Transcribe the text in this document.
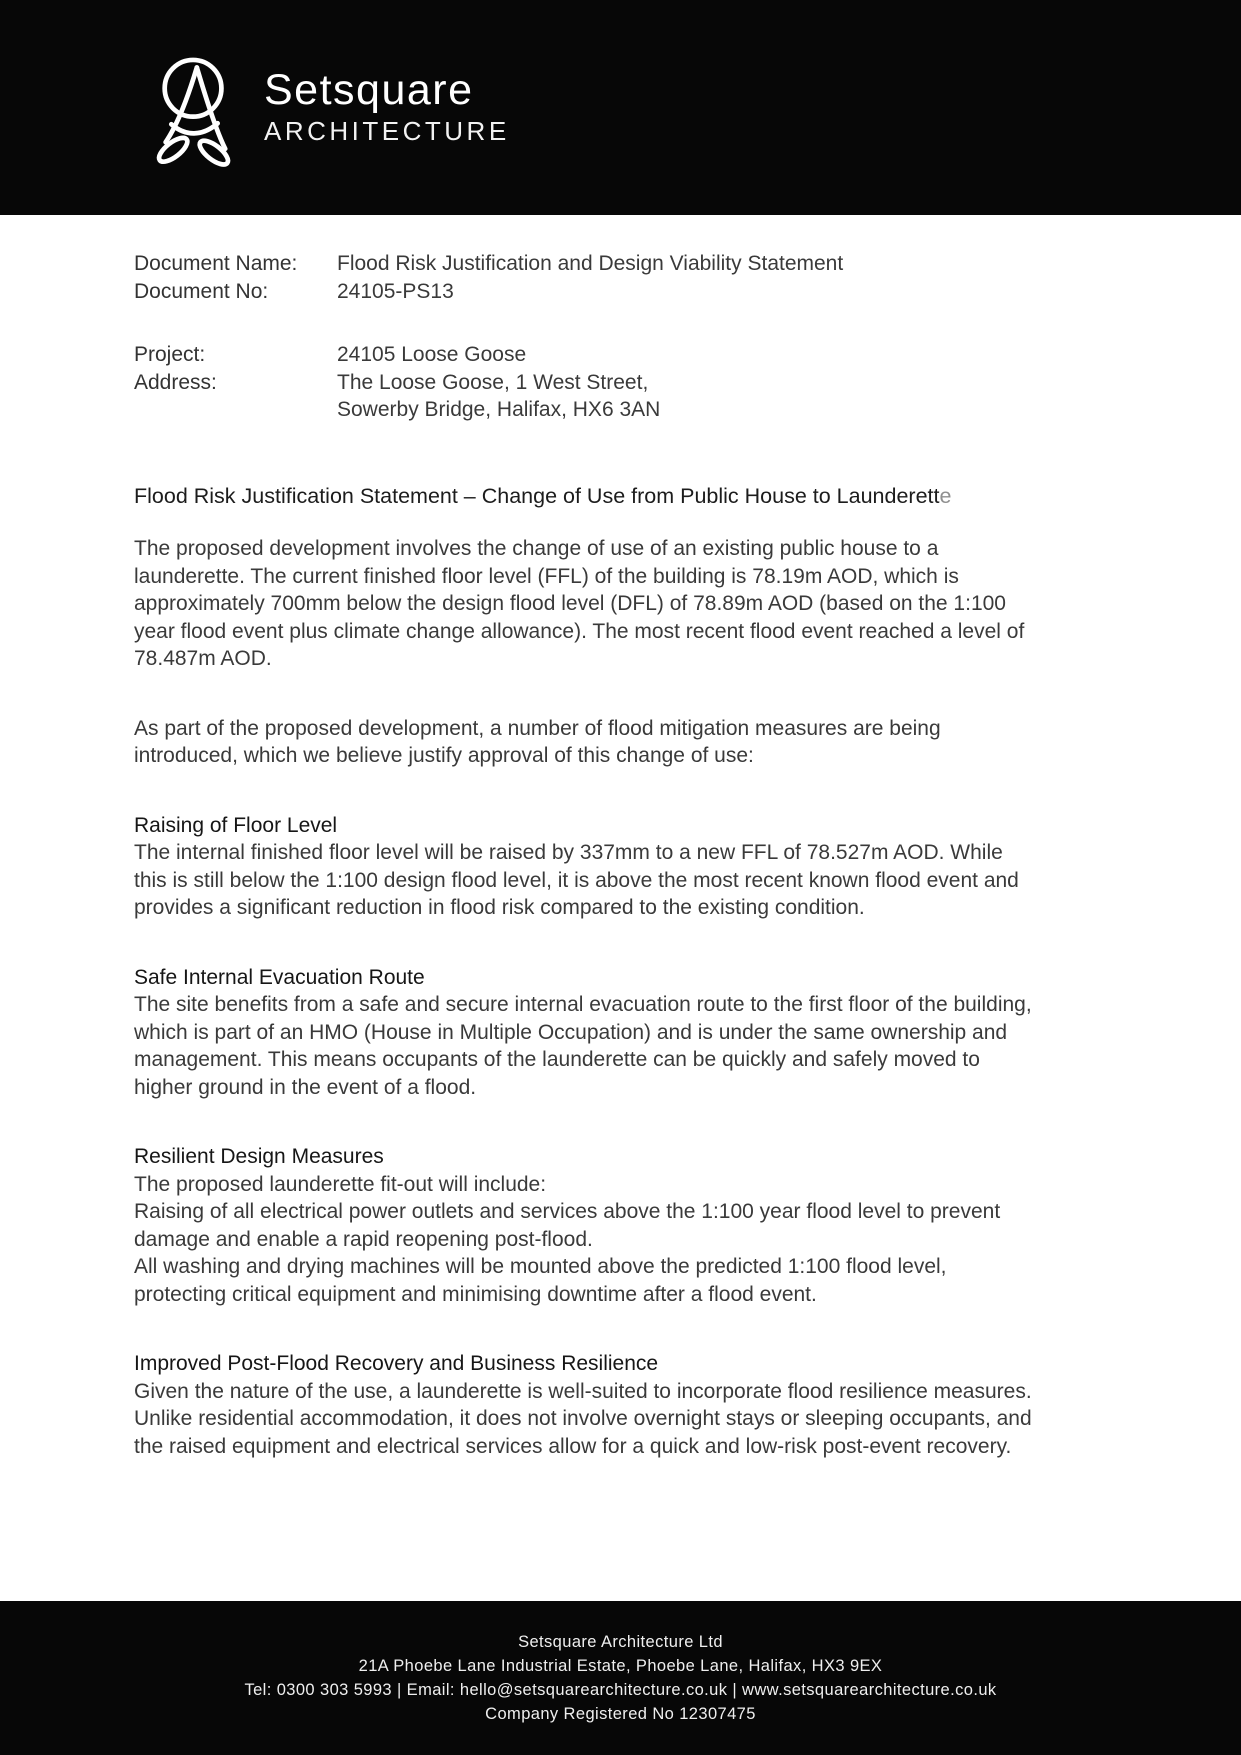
Setsquare
ARCHITECTURE
Document Name:	Flood Risk Justification and Design Viability Statement
Document No:	24105-PS13
Project:	24105 Loose Goose
Address:	The Loose Goose, 1 West Street,
Sowerby Bridge, Halifax, HX6 3AN
Flood Risk Justification Statement – Change of Use from Public House to Launderette

The proposed development involves the change of use of an existing public house to a launderette. The current finished floor level (FFL) of the building is 78.19m AOD, which is approximately 700mm below the design flood level (DFL) of 78.89m AOD (based on the 1:100 year flood event plus climate change allowance). The most recent flood event reached a level of 78.487m AOD.

As part of the proposed development, a number of flood mitigation measures are being introduced, which we believe justify approval of this change of use:

Raising of Floor Level

The internal finished floor level will be raised by 337mm to a new FFL of 78.527m AOD. While this is still below the 1:100 design flood level, it is above the most recent known flood event and provides a significant reduction in flood risk compared to the existing condition.

Safe Internal Evacuation Route

The site benefits from a safe and secure internal evacuation route to the first floor of the building, which is part of an HMO (House in Multiple Occupation) and is under the same ownership and management. This means occupants of the launderette can be quickly and safely moved to higher ground in the event of a flood.

Resilient Design Measures

The proposed launderette fit-out will include:

Raising of all electrical power outlets and services above the 1:100 year flood level to prevent damage and enable a rapid reopening post-flood.

All washing and drying machines will be mounted above the predicted 1:100 flood level, protecting critical equipment and minimising downtime after a flood event.

Improved Post-Flood Recovery and Business Resilience

Given the nature of the use, a launderette is well-suited to incorporate flood resilience measures. Unlike residential accommodation, it does not involve overnight stays or sleeping occupants, and the raised equipment and electrical services allow for a quick and low-risk post-event recovery.

Setsquare Architecture Ltd
21A Phoebe Lane Industrial Estate, Phoebe Lane, Halifax, HX3 9EX
Tel: 0300 303 5993 | Email: hello@setsquarearchitecture.co.uk | www.setsquarearchitecture.co.uk
Company Registered No 12307475
